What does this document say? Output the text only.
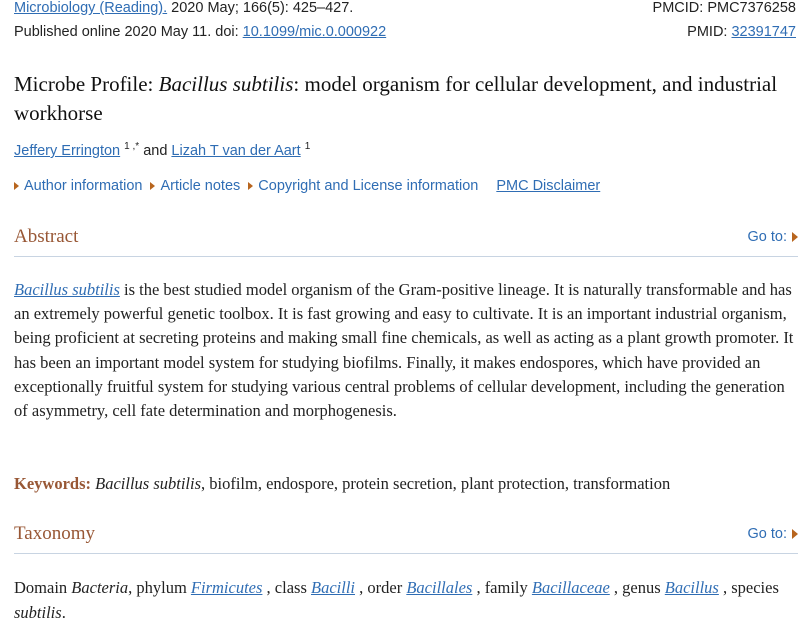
Microbiology (Reading). 2020 May; 166(5): 425–427.	PMCID: PMC7376258
Published online 2020 May 11. doi: 10.1099/mic.0.000922	PMID: 32391747
Microbe Profile: Bacillus subtilis: model organism for cellular development, and industrial workhorse
Jeffery Errington $^{1 ,*}$ and Lizah T van der Aart $^1$
Author information Article notes Copyright and License information PMC Disclaimer
Abstract	Go to:

Bacillus subtilis is the best studied model organism of the Gram-positive lineage. It is naturally transformable and has an extremely powerful genetic toolbox. It is fast growing and easy to cultivate. It is an important industrial organism, being proficient at secreting proteins and making small fine chemicals, as well as acting as a plant growth promoter. It has been an important model system for studying biofilms. Finally, it makes endospores, which have provided an exceptionally fruitful system for studying various central problems of cellular development, including the generation of asymmetry, cell fate determination and morphogenesis.

Keywords: Bacillus subtilis, biofilm, endospore, protein secretion, plant protection, transformation

Taxonomy	Go to:

Domain Bacteria, phylum Firmicutes , class Bacilli , order Bacillales , family Bacillaceae , genus Bacillus , species subtilis.
